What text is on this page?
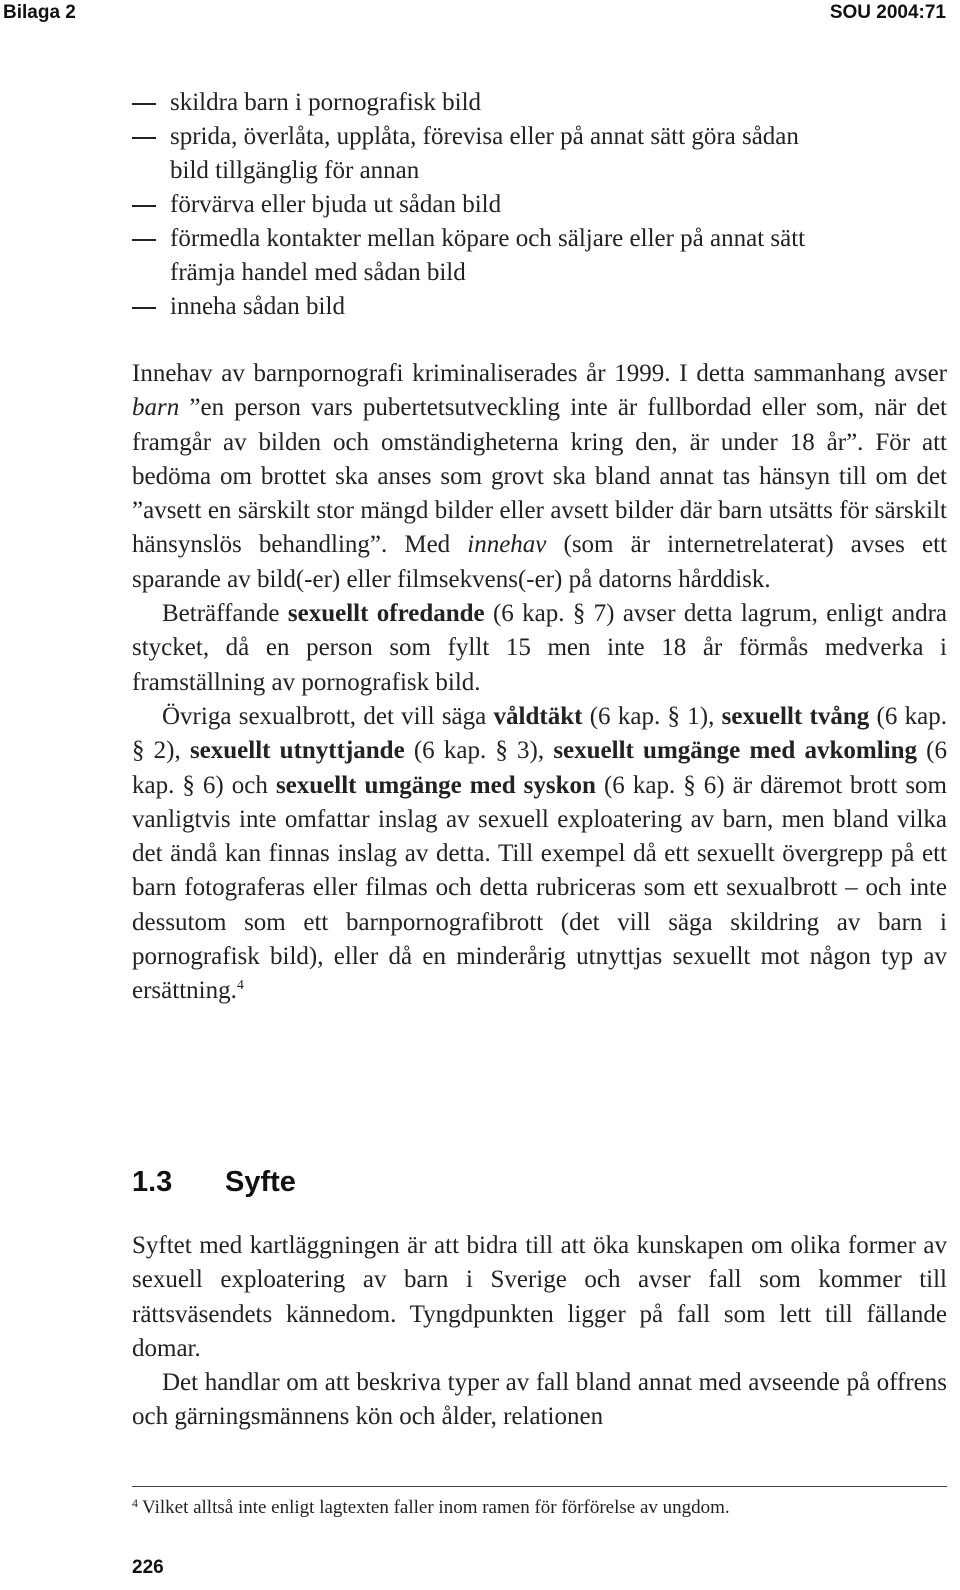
Bilaga 2	SOU 2004:71
skildra barn i pornografisk bild
sprida, överlåta, upplåta, förevisa eller på annat sätt göra sådan
bild tillgänglig för annan
förvärva eller bjuda ut sådan bild
förmedla kontakter mellan köpare och säljare eller på annat sätt
främja handel med sådan bild
inneha sådan bild

Innehav av barnpornografi kriminaliserades år 1999. I detta sammanhang avser barn ”en person vars pubertetsutveckling inte är fullbordad eller som, när det framgår av bilden och omständigheterna kring den, är under 18 år”. För att bedöma om brottet ska anses som grovt ska bland annat tas hänsyn till om det ”avsett en särskilt stor mängd bilder eller avsett bilder där barn utsätts för särskilt hänsynslös behandling”. Med innehav (som är internetrelaterat) avses ett sparande av bild(-er) eller filmsekvens(-er) på datorns hårddisk.

Beträffande sexuellt ofredande (6 kap. § 7) avser detta lagrum, enligt andra stycket, då en person som fyllt 15 men inte 18 år förmås medverka i framställning av pornografisk bild.

Övriga sexualbrott, det vill säga våldtäkt (6 kap. § 1), sexuellt tvång (6 kap. § 2), sexuellt utnyttjande (6 kap. § 3), sexuellt umgänge med avkomling (6 kap. § 6) och sexuellt umgänge med syskon (6 kap. § 6) är däremot brott som vanligtvis inte omfattar inslag av sexuell exploatering av barn, men bland vilka det ändå kan finnas inslag av detta. Till exempel då ett sexuellt övergrepp på ett barn fotograferas eller filmas och detta rubriceras som ett sexualbrott – och inte dessutom som ett barnpornografibrott (det vill säga skildring av barn i pornografisk bild), eller då en minderårig utnyttjas sexuellt mot någon typ av ersättning.$^4$

1.3 Syfte

Syftet med kartläggningen är att bidra till att öka kunskapen om olika former av sexuell exploatering av barn i Sverige och avser fall som kommer till rättsväsendets kännedom. Tyngdpunkten ligger på fall som lett till fällande domar.

Det handlar om att beskriva typer av fall bland annat med avseende på offrens och gärningsmännens kön och ålder, relationen

$^4$ Vilket alltså inte enligt lagtexten faller inom ramen för förförelse av ungdom.
226
